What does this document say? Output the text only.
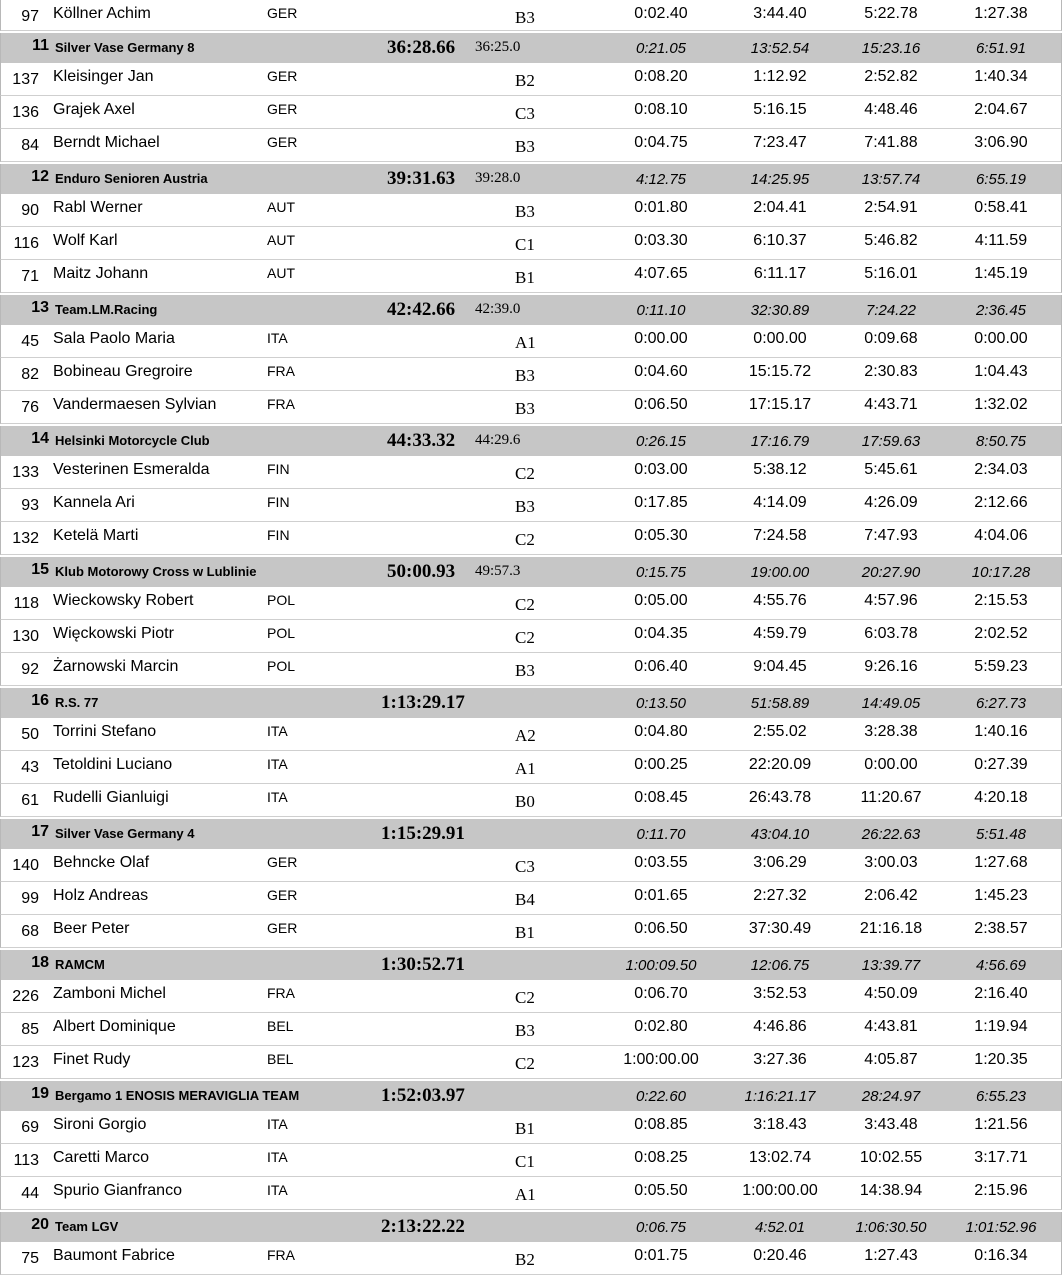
97 Köllner Achim	GER	B3	0:02.40	3:44.40	5:22.78	1:27.38
11 Silver Vase Germany 8	36:28.66 36:25.0	0:21.05	13:52.54	15:23.16	6:51.91
137 Kleisinger Jan	GER	B2	0:08.20	1:12.92	2:52.82	1:40.34
136 Grajek Axel	GER	C3	0:08.10	5:16.15	4:48.46	2:04.67
84 Berndt Michael	GER	B3	0:04.75	7:23.47	7:41.88	3:06.90
12 Enduro Senioren Austria	39:31.63 39:28.0	4:12.75	14:25.95	13:57.74	6:55.19
90 Rabl Werner	AUT	B3	0:01.80	2:04.41	2:54.91	0:58.41
116 Wolf Karl	AUT	C1	0:03.30	6:10.37	5:46.82	4:11.59
71 Maitz Johann	AUT	B1	4:07.65	6:11.17	5:16.01	1:45.19
13 Team.LM.Racing	42:42.66 42:39.0	0:11.10	32:30.89	7:24.22	2:36.45
45 Sala Paolo Maria	ITA	A1	0:00.00	0:00.00	0:09.68	0:00.00
82 Bobineau Gregroire	FRA	B3	0:04.60	15:15.72	2:30.83	1:04.43
76 Vandermaesen Sylvian	FRA	B3	0:06.50	17:15.17	4:43.71	1:32.02
14 Helsinki Motorcycle Club	44:33.32 44:29.6	0:26.15	17:16.79	17:59.63	8:50.75
133 Vesterinen Esmeralda	FIN	C2	0:03.00	5:38.12	5:45.61	2:34.03
93 Kannela Ari	FIN	B3	0:17.85	4:14.09	4:26.09	2:12.66
132 Ketelä Marti	FIN	C2	0:05.30	7:24.58	7:47.93	4:04.06
15 Klub Motorowy Cross w Lublinie	50:00.93 49:57.3	0:15.75	19:00.00	20:27.90	10:17.28
118 Wieckowsky Robert	POL	C2	0:05.00	4:55.76	4:57.96	2:15.53
130 Więckowski Piotr	POL	C2	0:04.35	4:59.79	6:03.78	2:02.52
92 Żarnowski Marcin	POL	B3	0:06.40	9:04.45	9:26.16	5:59.23
16 R.S. 77	1:13:29.17	0:13.50	51:58.89	14:49.05	6:27.73
50 Torrini Stefano	ITA	A2	0:04.80	2:55.02	3:28.38	1:40.16
43 Tetoldini Luciano	ITA	A1	0:00.25	22:20.09	0:00.00	0:27.39
61 Rudelli Gianluigi	ITA	B0	0:08.45	26:43.78	11:20.67	4:20.18
17 Silver Vase Germany 4	1:15:29.91	0:11.70	43:04.10	26:22.63	5:51.48
140 Behncke Olaf	GER	C3	0:03.55	3:06.29	3:00.03	1:27.68
99 Holz Andreas	GER	B4	0:01.65	2:27.32	2:06.42	1:45.23
68 Beer Peter	GER	B1	0:06.50	37:30.49	21:16.18	2:38.57
18 RAMCM	1:30:52.71	1:00:09.50	12:06.75	13:39.77	4:56.69
226 Zamboni Michel	FRA	C2	0:06.70	3:52.53	4:50.09	2:16.40
85 Albert Dominique	BEL	B3	0:02.80	4:46.86	4:43.81	1:19.94
123 Finet Rudy	BEL	C2	1:00:00.00	3:27.36	4:05.87	1:20.35
19 Bergamo 1 ENOSIS MERAVIGLIA TEAM	1:52:03.97	0:22.60	1:16:21.17	28:24.97	6:55.23
69 Sironi Gorgio	ITA	B1	0:08.85	3:18.43	3:43.48	1:21.56
113 Caretti Marco	ITA	C1	0:08.25	13:02.74	10:02.55	3:17.71
44 Spurio Gianfranco	ITA	A1	0:05.50	1:00:00.00	14:38.94	2:15.96
20 Team LGV	2:13:22.22	0:06.75	4:52.01	1:06:30.50	1:01:52.96
75 Baumont Fabrice	FRA	B2	0:01.75	0:20.46	1:27.43	0:16.34
